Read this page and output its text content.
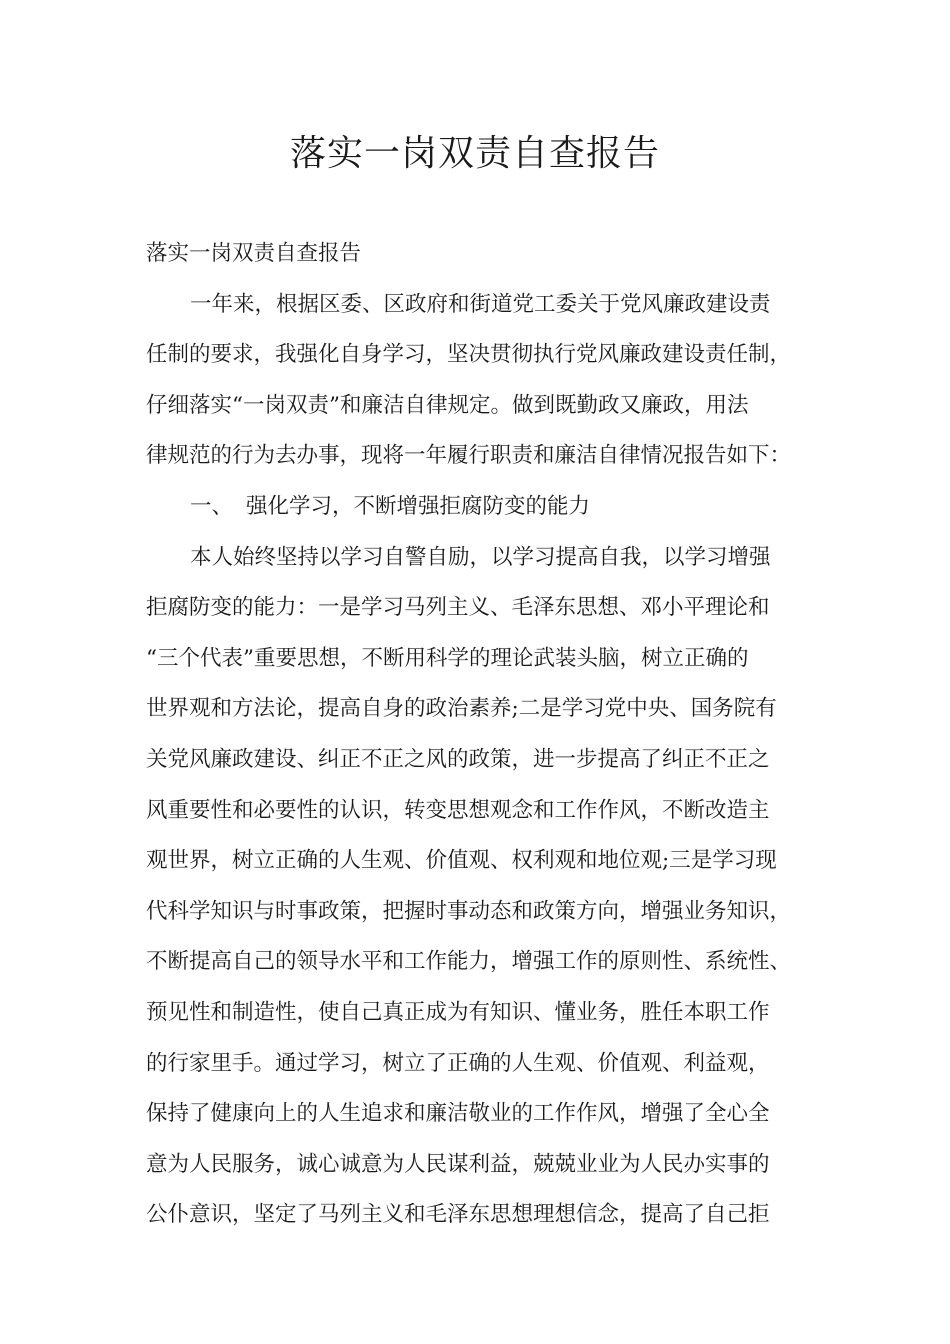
落实一岗双责自查报告
落实一岗双责自查报告
一年来，根据区委、区政府和街道党工委关于党风廉政建设责
任制的要求，我强化自身学习，坚决贯彻执行党风廉政建设责任制，
仔细落实“一岗双责”和廉洁自律规定。做到既勤政又廉政，用法
律规范的行为去办事，现将一年履行职责和廉洁自律情况报告如下：
一、 强化学习，不断增强拒腐防变的能力
本人始终坚持以学习自警自励，以学习提高自我，以学习增强
拒腐防变的能力：一是学习马列主义、毛泽东思想、邓小平理论和
“三个代表”重要思想，不断用科学的理论武装头脑，树立正确的
世界观和方法论，提高自身的政治素养;二是学习党中央、国务院有
关党风廉政建设、纠正不正之风的政策，进一步提高了纠正不正之
风重要性和必要性的认识，转变思想观念和工作作风，不断改造主
观世界，树立正确的人生观、价值观、权利观和地位观;三是学习现
代科学知识与时事政策，把握时事动态和政策方向，增强业务知识，
不断提高自己的领导水平和工作能力，增强工作的原则性、系统性、
预见性和制造性，使自己真正成为有知识、懂业务，胜任本职工作
的行家里手。通过学习，树立了正确的人生观、价值观、利益观，
保持了健康向上的人生追求和廉洁敬业的工作作风，增强了全心全
意为人民服务，诚心诚意为人民谋利益，兢兢业业为人民办实事的
公仆意识，坚定了马列主义和毛泽东思想理想信念，提高了自己拒
